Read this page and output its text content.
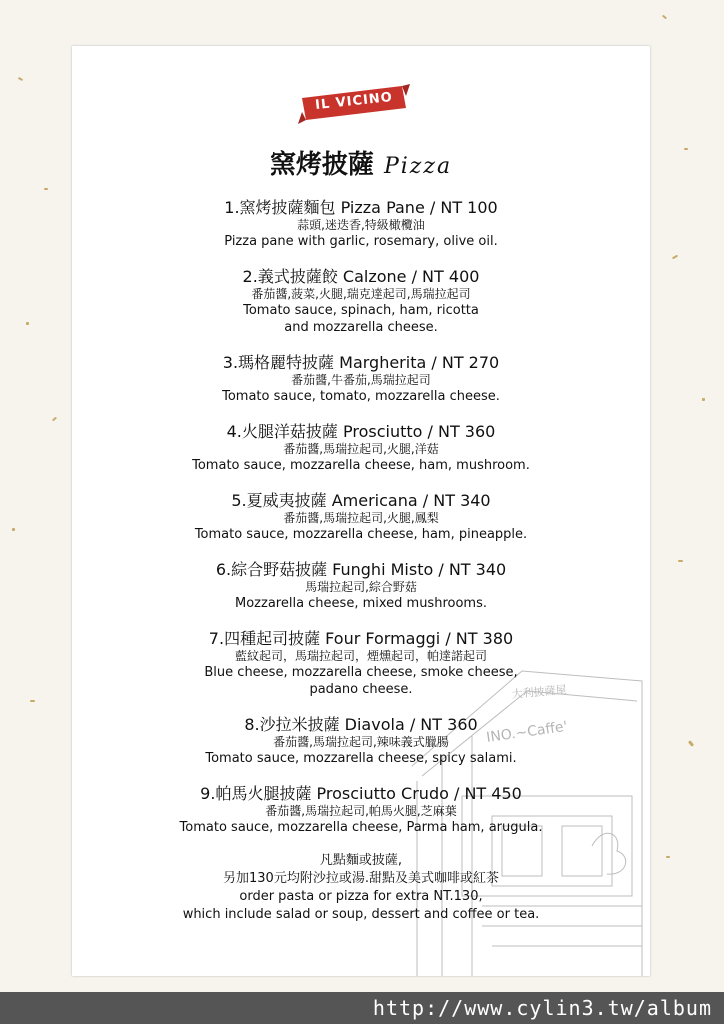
大利披薩屋
INO.~Caffe'
IL VICINO
窯烤披薩 Pizza
1.窯烤披薩麵包 Pizza Pane / NT 100
蒜頭,迷迭香,特級橄欖油
Pizza pane with garlic, rosemary, olive oil.
2.義式披薩餃 Calzone / NT 400
番茄醬,菠菜,火腿,瑞克達起司,馬瑞拉起司
Tomato sauce, spinach, ham, ricotta
and mozzarella cheese.
3.瑪格麗特披薩 Margherita / NT 270
番茄醬,牛番茄,馬瑞拉起司
Tomato sauce, tomato, mozzarella cheese.
4.火腿洋菇披薩 Prosciutto / NT 360
番茄醬,馬瑞拉起司,火腿,洋菇
Tomato sauce, mozzarella cheese, ham, mushroom.
5.夏威夷披薩 Americana / NT 340
番茄醬,馬瑞拉起司,火腿,鳳梨
Tomato sauce, mozzarella cheese, ham, pineapple.
6.綜合野菇披薩 Funghi Misto / NT 340
馬瑞拉起司,綜合野菇
Mozzarella cheese, mixed mushrooms.
7.四種起司披薩 Four Formaggi / NT 380
藍紋起司，馬瑞拉起司，煙燻起司，帕達諾起司
Blue cheese, mozzarella cheese, smoke cheese,
padano cheese.
8.沙拉米披薩 Diavola / NT 360
番茄醬,馬瑞拉起司,辣味義式臘腸
Tomato sauce, mozzarella cheese, spicy salami.
9.帕馬火腿披薩 Prosciutto Crudo / NT 450
番茄醬,馬瑞拉起司,帕馬火腿,芝麻葉
Tomato sauce, mozzarella cheese, Parma ham, arugula.
凡點麵或披薩,
另加130元均附沙拉或湯.甜點及美式咖啡或紅茶
order pasta or pizza for extra NT.130,
which include salad or soup, dessert and coffee or tea.
http://www.cylin3.tw/album
